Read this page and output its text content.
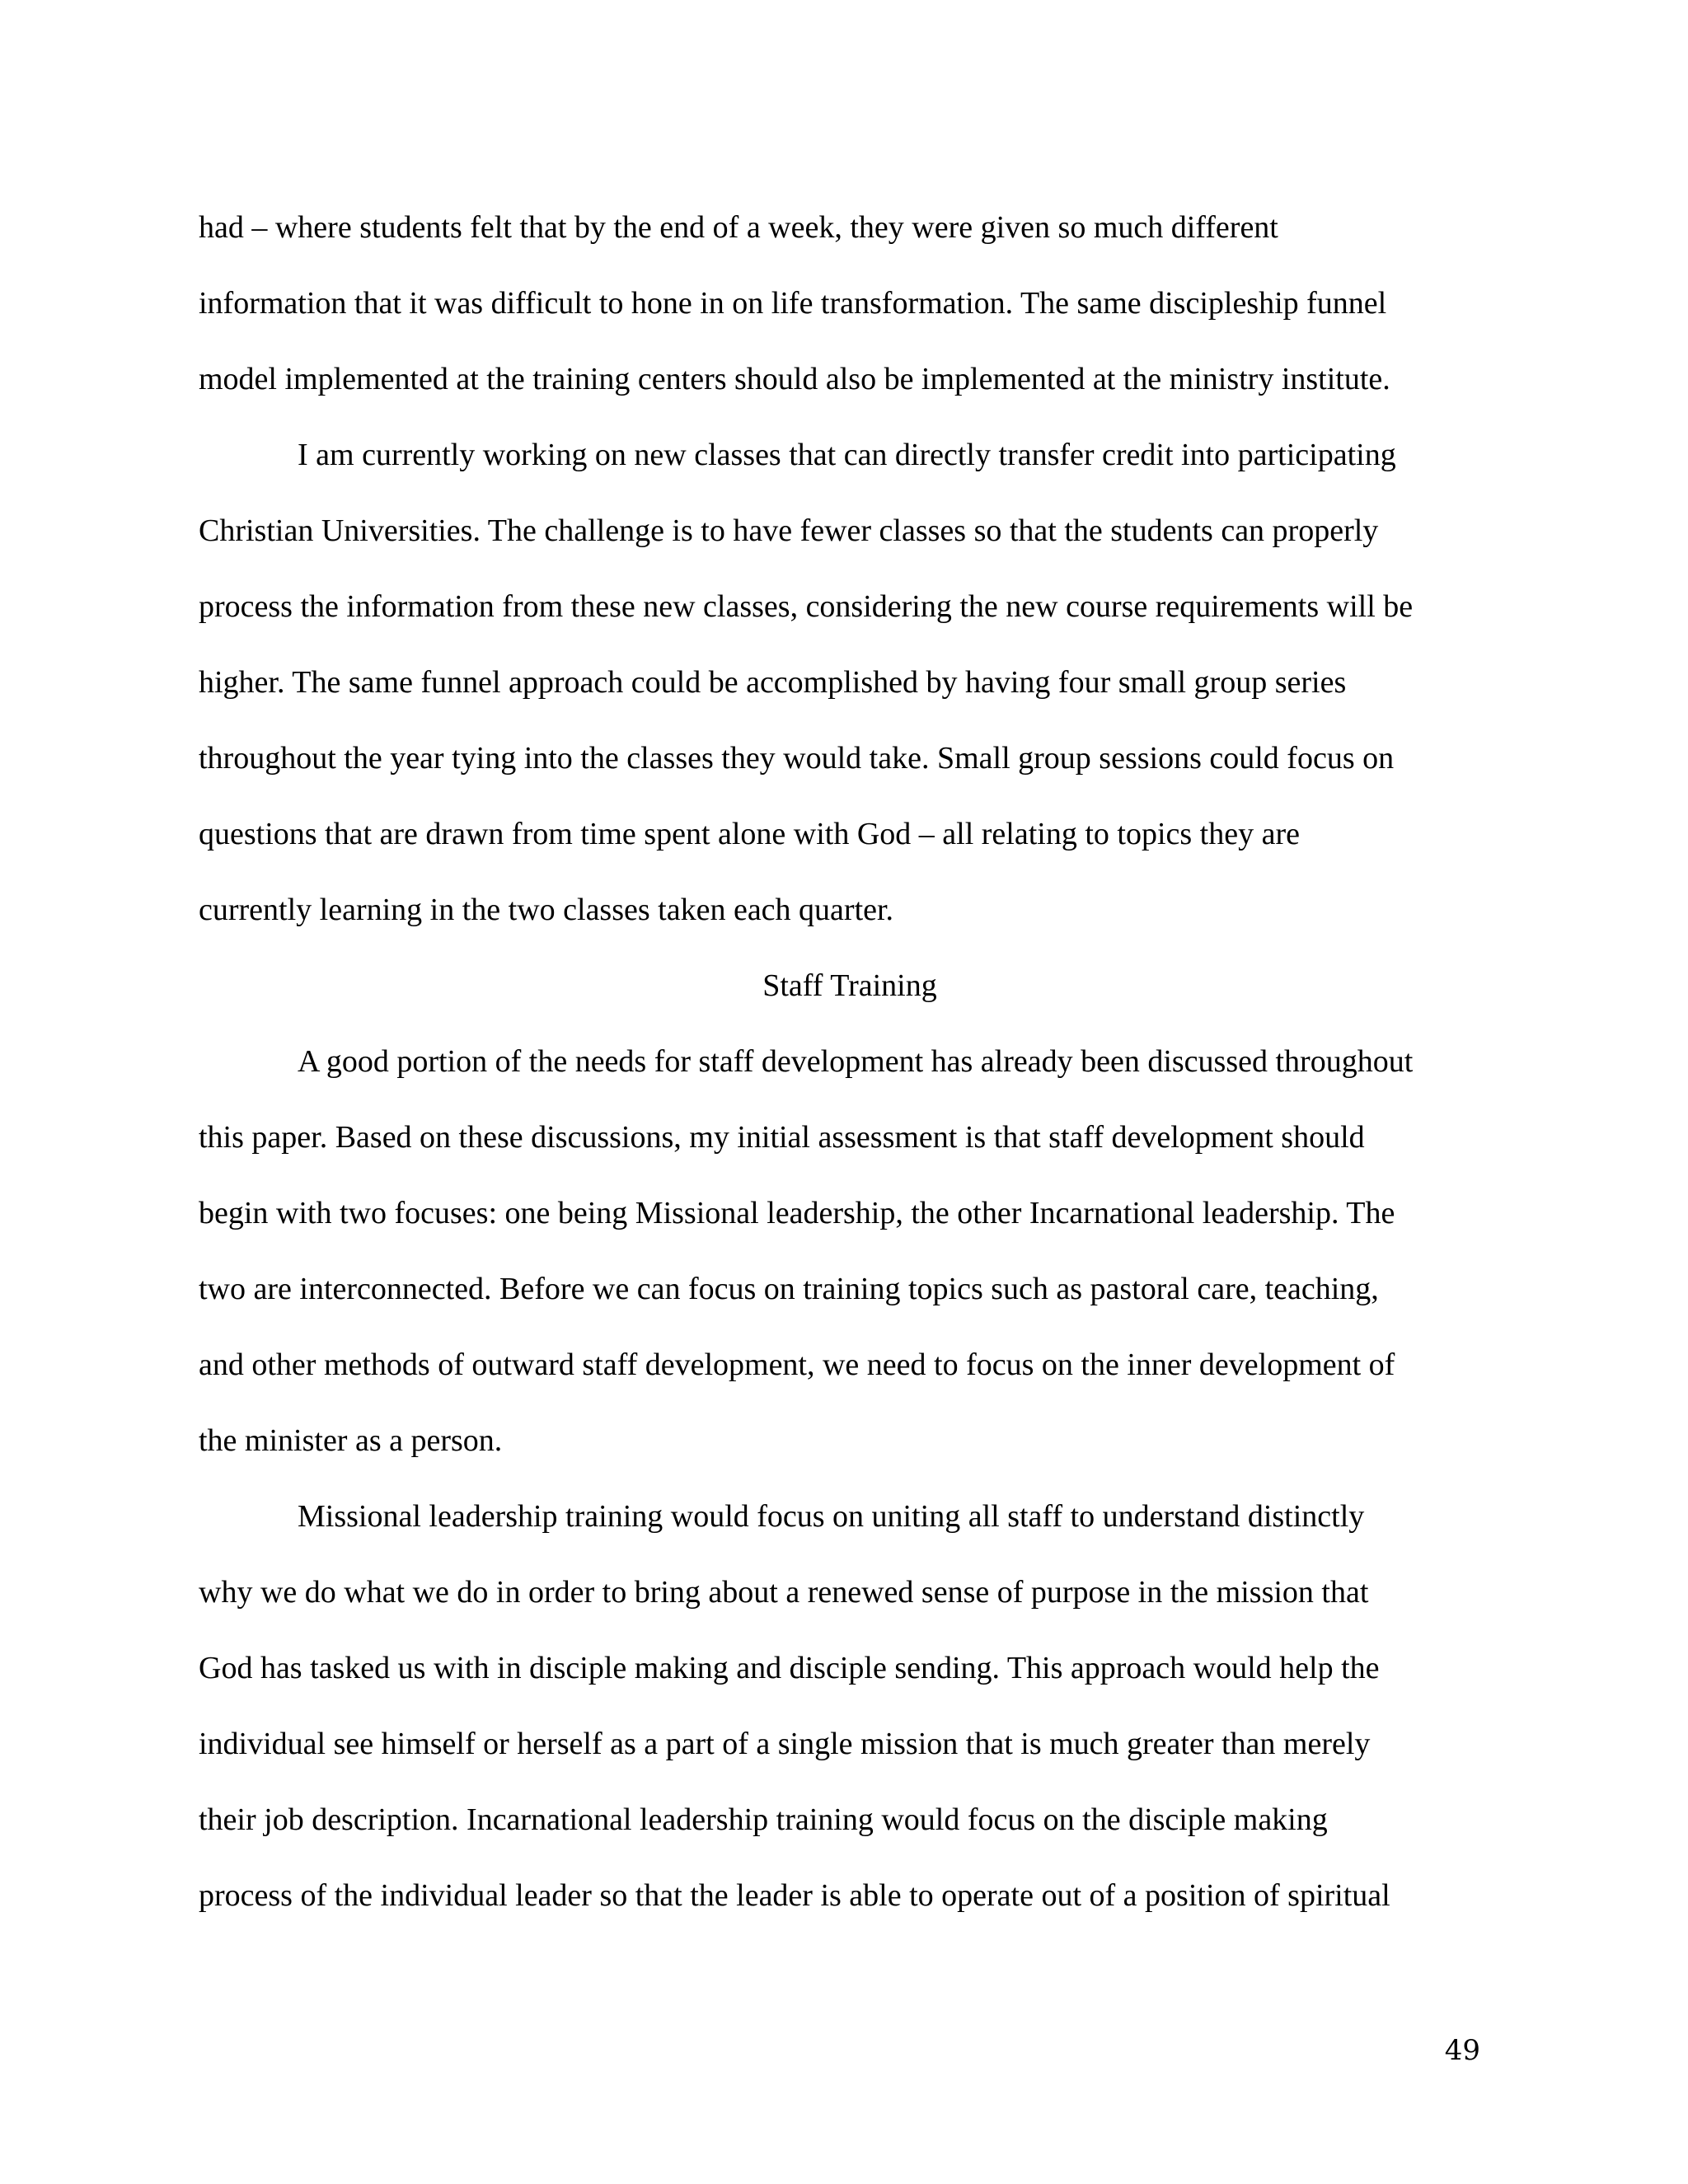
had – where students felt that by the end of a week, they were given so much different
information that it was difficult to hone in on life transformation. The same discipleship funnel
model implemented at the training centers should also be implemented at the ministry institute.

I am currently working on new classes that can directly transfer credit into participating
Christian Universities. The challenge is to have fewer classes so that the students can properly
process the information from these new classes, considering the new course requirements will be
higher. The same funnel approach could be accomplished by having four small group series
throughout the year tying into the classes they would take. Small group sessions could focus on
questions that are drawn from time spent alone with God – all relating to topics they are
currently learning in the two classes taken each quarter.

Staff Training

A good portion of the needs for staff development has already been discussed throughout
this paper. Based on these discussions, my initial assessment is that staff development should
begin with two focuses: one being Missional leadership, the other Incarnational leadership. The
two are interconnected. Before we can focus on training topics such as pastoral care, teaching,
and other methods of outward staff development, we need to focus on the inner development of
the minister as a person.

Missional leadership training would focus on uniting all staff to understand distinctly
why we do what we do in order to bring about a renewed sense of purpose in the mission that
God has tasked us with in disciple making and disciple sending. This approach would help the
individual see himself or herself as a part of a single mission that is much greater than merely
their job description. Incarnational leadership training would focus on the disciple making
process of the individual leader so that the leader is able to operate out of a position of spiritual

49
